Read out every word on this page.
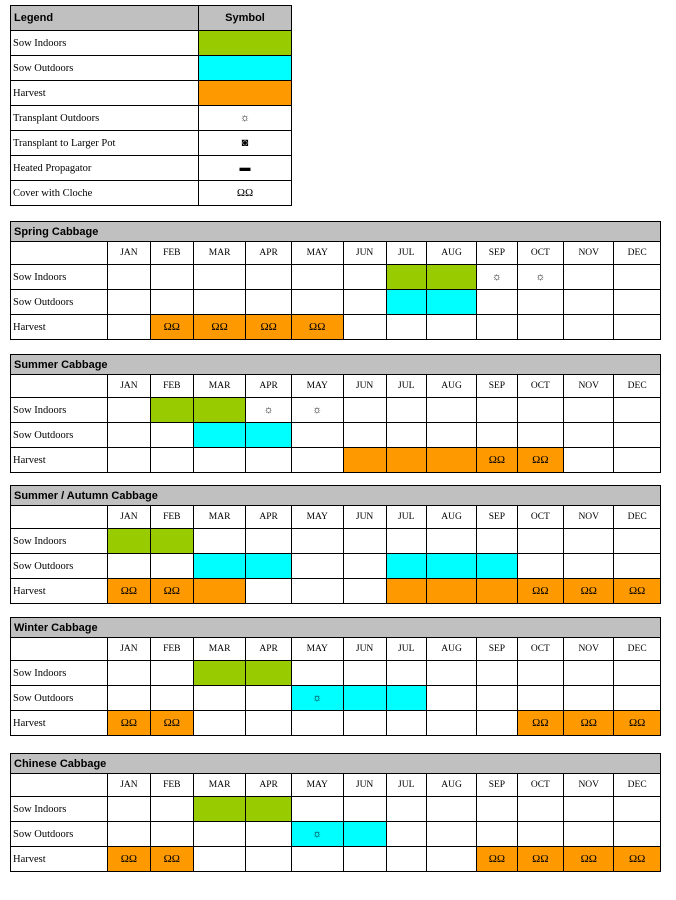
Legend	Symbol
Sow Indoors	
Sow Outdoors	
Harvest	
Transplant Outdoors	☼
Transplant to Larger Pot	◙
Heated Propagator	▬
Cover with Cloche	ΩΩ
Spring Cabbage												
	JAN	FEB	MAR	APR	MAY	JUN	JUL	AUG	SEP	OCT	NOV	DEC
Sow Indoors									☼	☼		
Sow Outdoors												
Harvest		ΩΩ	ΩΩ	ΩΩ	ΩΩ							
Summer Cabbage												
	JAN	FEB	MAR	APR	MAY	JUN	JUL	AUG	SEP	OCT	NOV	DEC
Sow Indoors				☼	☼							
Sow Outdoors												
Harvest									ΩΩ	ΩΩ		
Summer / Autumn Cabbage												
	JAN	FEB	MAR	APR	MAY	JUN	JUL	AUG	SEP	OCT	NOV	DEC
Sow Indoors												
Sow Outdoors												
Harvest	ΩΩ	ΩΩ								ΩΩ	ΩΩ	ΩΩ
Winter Cabbage												
	JAN	FEB	MAR	APR	MAY	JUN	JUL	AUG	SEP	OCT	NOV	DEC
Sow Indoors												
Sow Outdoors					☼							
Harvest	ΩΩ	ΩΩ								ΩΩ	ΩΩ	ΩΩ
Chinese Cabbage												
	JAN	FEB	MAR	APR	MAY	JUN	JUL	AUG	SEP	OCT	NOV	DEC
Sow Indoors												
Sow Outdoors					☼							
Harvest	ΩΩ	ΩΩ							ΩΩ	ΩΩ	ΩΩ	ΩΩ
